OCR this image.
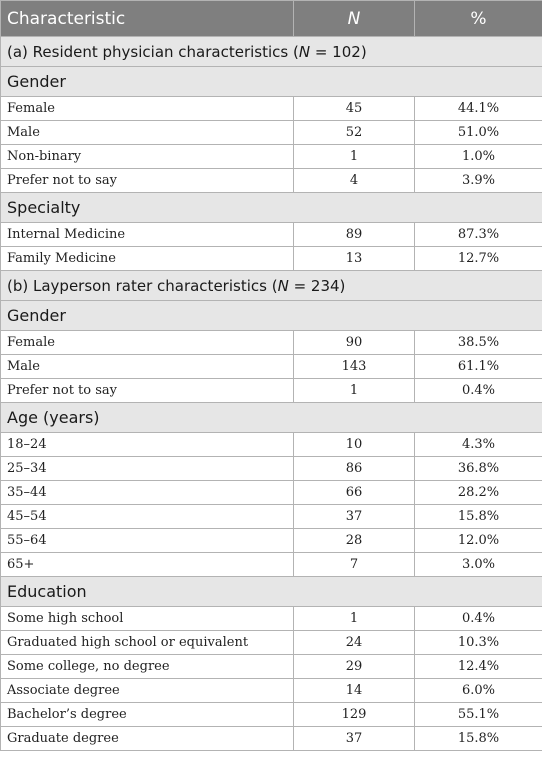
Characteristic	N	%
(a) Resident physician characteristics (N = 102)		
Gender		
Female	45	44.1%
Male	52	51.0%
Non-binary	1	1.0%
Prefer not to say	4	3.9%
Specialty		
Internal Medicine	89	87.3%
Family Medicine	13	12.7%
(b) Layperson rater characteristics (N = 234)		
Gender		
Female	90	38.5%
Male	143	61.1%
Prefer not to say	1	0.4%
Age (years)		
18–24	10	4.3%
25–34	86	36.8%
35–44	66	28.2%
45–54	37	15.8%
55–64	28	12.0%
65+	7	3.0%
Education		
Some high school	1	0.4%
Graduated high school or equivalent	24	10.3%
Some college, no degree	29	12.4%
Associate degree	14	6.0%
Bachelor’s degree	129	55.1%
Graduate degree	37	15.8%
